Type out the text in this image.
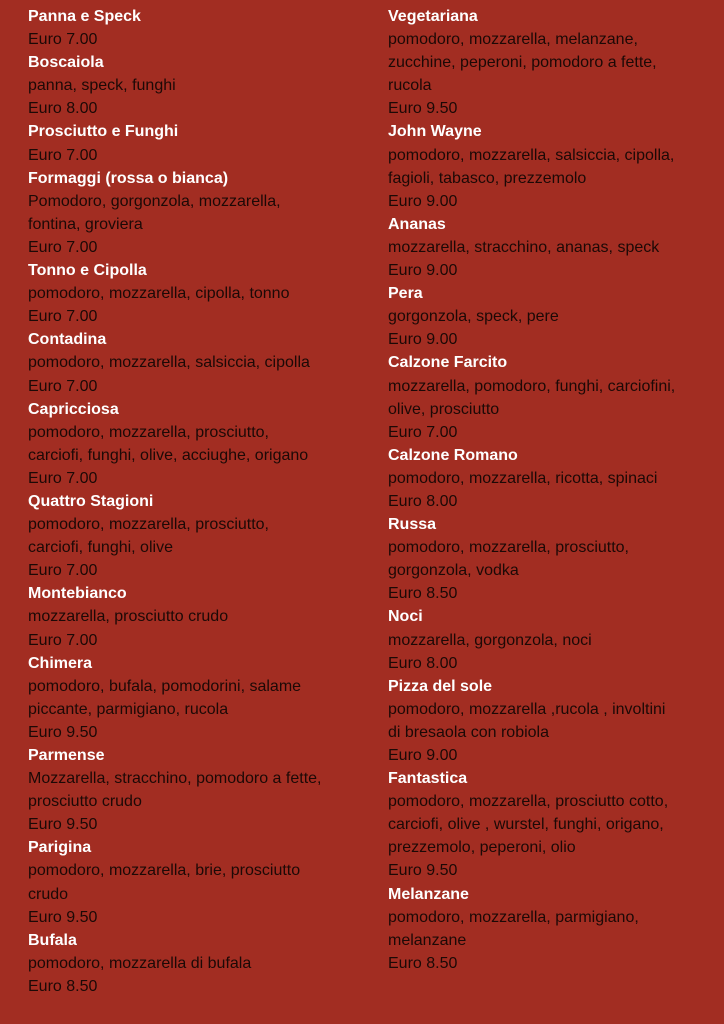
Panna e Speck
Euro 7.00
Boscaiola
panna, speck, funghi
Euro 8.00
Prosciutto e Funghi
Euro 7.00
Formaggi (rossa o bianca)
Pomodoro, gorgonzola, mozzarella,
fontina, groviera
Euro 7.00
Tonno e Cipolla
pomodoro, mozzarella, cipolla, tonno
Euro 7.00
Contadina
pomodoro, mozzarella, salsiccia, cipolla
Euro 7.00
Capricciosa
pomodoro, mozzarella, prosciutto,
carciofi, funghi, olive, acciughe, origano
Euro 7.00
Quattro Stagioni
pomodoro, mozzarella, prosciutto,
carciofi, funghi, olive
Euro 7.00
Montebianco
mozzarella, prosciutto crudo
Euro 7.00
Chimera
pomodoro, bufala, pomodorini, salame
piccante, parmigiano, rucola
Euro 9.50
Parmense
Mozzarella, stracchino, pomodoro a fette,
prosciutto crudo
Euro 9.50
Parigina
pomodoro, mozzarella, brie, prosciutto
crudo
Euro 9.50
Bufala
pomodoro, mozzarella di bufala
Euro 8.50
Vegetariana
pomodoro, mozzarella, melanzane,
zucchine, peperoni, pomodoro a fette,
rucola
Euro 9.50
John Wayne
pomodoro, mozzarella, salsiccia, cipolla,
fagioli, tabasco, prezzemolo
Euro 9.00
Ananas
mozzarella, stracchino, ananas, speck
Euro 9.00
Pera
gorgonzola, speck, pere
Euro 9.00
Calzone Farcito
mozzarella, pomodoro, funghi, carciofini,
olive, prosciutto
Euro 7.00
Calzone Romano
pomodoro, mozzarella, ricotta, spinaci
Euro 8.00
Russa
pomodoro, mozzarella, prosciutto,
gorgonzola, vodka
Euro 8.50
Noci
mozzarella, gorgonzola, noci
Euro 8.00
Pizza del sole
pomodoro, mozzarella ,rucola , involtini
di bresaola con robiola
Euro 9.00
Fantastica
pomodoro, mozzarella, prosciutto cotto,
carciofi, olive , wurstel, funghi, origano,
prezzemolo, peperoni, olio
Euro 9.50
Melanzane
pomodoro, mozzarella, parmigiano,
melanzane
Euro 8.50
